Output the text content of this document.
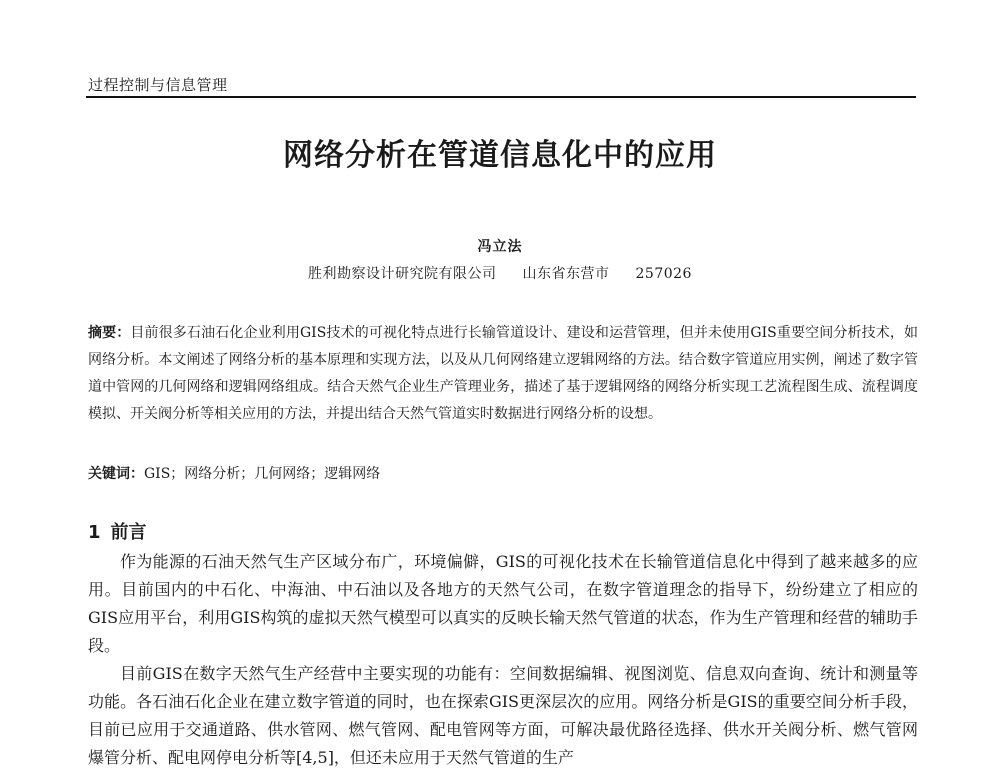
过程控制与信息管理
网络分析在管道信息化中的应用
冯立法
胜利勘察设计研究院有限公司 山东省东营市 257026
摘要：目前很多石油石化企业利用GIS技术的可视化特点进行长输管道设计、建设和运营管理，但并未使用GIS重要空间分析技术，如网络分析。本文阐述了网络分析的基本原理和实现方法，以及从几何网络建立逻辑网络的方法。结合数字管道应用实例，阐述了数字管道中管网的几何网络和逻辑网络组成。结合天然气企业生产管理业务，描述了基于逻辑网络的网络分析实现工艺流程图生成、流程调度模拟、开关阀分析等相关应用的方法，并提出结合天然气管道实时数据进行网络分析的设想。
关键词：GIS；网络分析；几何网络；逻辑网络
1 前言

作为能源的石油天然气生产区域分布广，环境偏僻，GIS的可视化技术在长输管道信息化中得到了越来越多的应用。目前国内的中石化、中海油、中石油以及各地方的天然气公司，在数字管道理念的指导下，纷纷建立了相应的GIS应用平台，利用GIS构筑的虚拟天然气模型可以真实的反映长输天然气管道的状态，作为生产管理和经营的辅助手段。

目前GIS在数字天然气生产经营中主要实现的功能有：空间数据编辑、视图浏览、信息双向查询、统计和测量等功能。各石油石化企业在建立数字管道的同时，也在探索GIS更深层次的应用。网络分析是GIS的重要空间分析手段，目前已应用于交通道路、供水管网、燃气管网、配电管网等方面，可解决最优路径选择、供水开关阀分析、燃气管网爆管分析、配电网停电分析等[4,5]，但还未应用于天然气管道的生产
